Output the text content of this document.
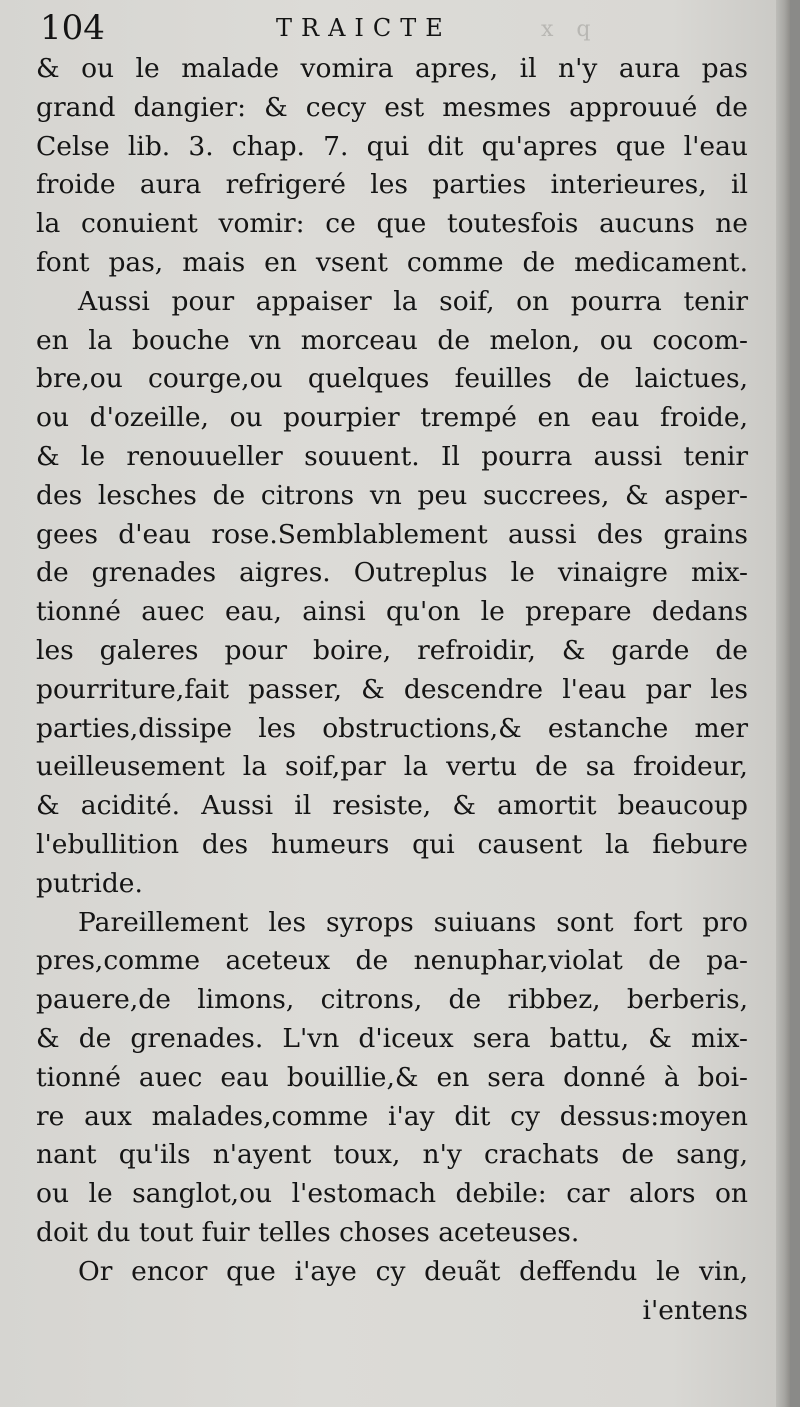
104	TRAICTE	x q
& ou le malade vomira apres, il n'y aura pas
grand dangier: & cecy est mesmes approuué de
Celse lib. 3. chap. 7. qui dit qu'apres que l'eau
froide aura refrigeré les parties interieures, il
la conuient vomir: ce que toutesfois aucuns ne
font pas, mais en vsent comme de medicament.
Aussi pour appaiser la soif, on pourra tenir
en la bouche vn morceau de melon, ou cocom-
bre,ou courge,ou quelques feuilles de laictues,
ou d'ozeille, ou pourpier trempé en eau froide,
& le renouueller souuent. Il pourra aussi tenir
des lesches de citrons vn peu succrees, & asper-
gees d'eau rose.Semblablement aussi des grains
de grenades aigres. Outreplus le vinaigre mix-
tionné auec eau, ainsi qu'on le prepare dedans
les galeres pour boire, refroidir, & garde de
pourriture,fait passer, & descendre l'eau par les
parties,dissipe les obstructions,& estanche mer
ueilleusement la soif,par la vertu de sa froideur,
& acidité. Aussi il resiste, & amortit beaucoup
l'ebullition des humeurs qui causent la fiebure
putride.
Pareillement les syrops suiuans sont fort pro
pres,comme aceteux de nenuphar,violat de pa-
pauere,de limons, citrons, de ribbez, berberis,
& de grenades. L'vn d'iceux sera battu, & mix-
tionné auec eau bouillie,& en sera donné à boi-
re aux malades,comme i'ay dit cy dessus:moyen
nant qu'ils n'ayent toux, n'y crachats de sang,
ou le sanglot,ou l'estomach debile: car alors on
doit du tout fuir telles choses aceteuses.
Or encor que i'aye cy deuãt deffendu le vin,
i'entens
